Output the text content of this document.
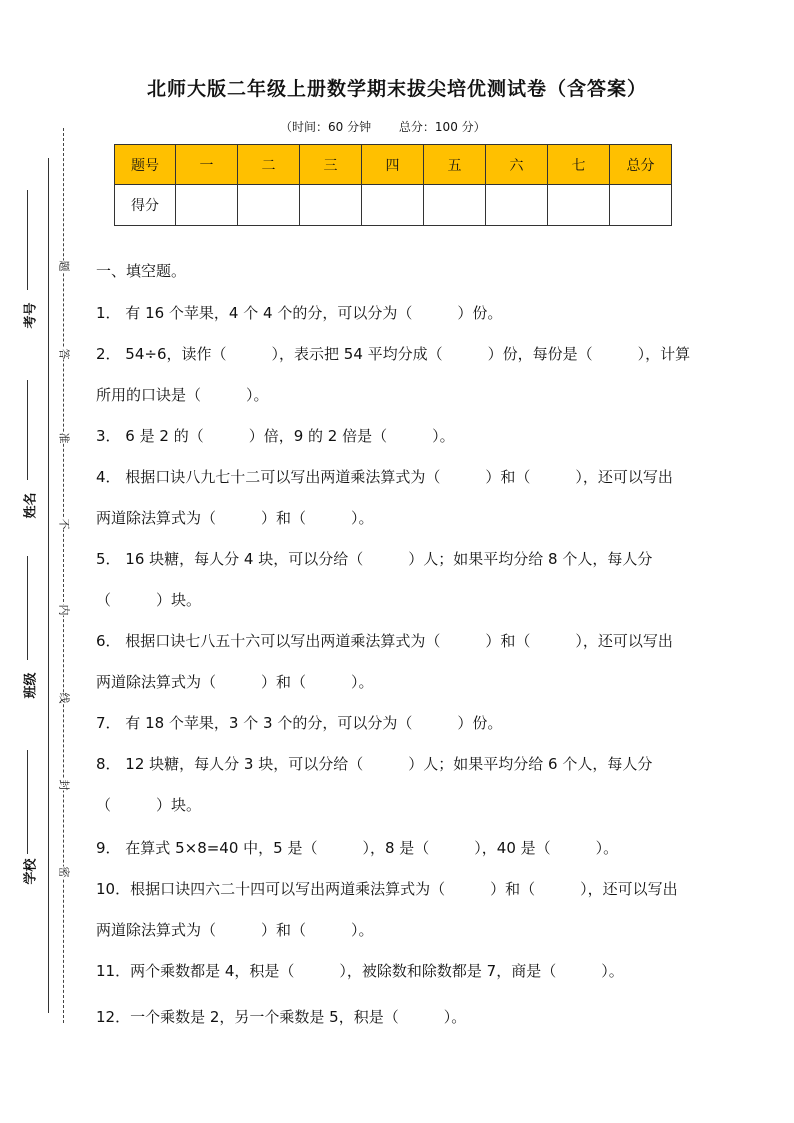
北师大版二年级上册数学期末拔尖培优测试卷（含答案）
（时间：60 分钟 总分：100 分）
题号	一	二	三	四	五	六	七	总分
得分								
一、填空题。
1． 有 16 个苹果，4 个 4 个的分，可以分为（　　　）份。
2． 54÷6，读作（　　　），表示把 54 平均分成（　　　）份，每份是（　　　），计算
所用的口诀是（　　　）。
3． 6 是 2 的（　　　）倍，9 的 2 倍是（　　　）。
4． 根据口诀八九七十二可以写出两道乘法算式为（　　　）和（　　　），还可以写出
两道除法算式为（　　　）和（　　　）。
5． 16 块糖，每人分 4 块，可以分给（　　　）人；如果平均分给 8 个人，每人分
（　　　）块。
6． 根据口诀七八五十六可以写出两道乘法算式为（　　　）和（　　　），还可以写出
两道除法算式为（　　　）和（　　　）。
7． 有 18 个苹果，3 个 3 个的分，可以分为（　　　）份。
8． 12 块糖，每人分 3 块，可以分给（　　　）人；如果平均分给 6 个人，每人分
（　　　）块。
9． 在算式 5×8=40 中，5 是（　　　），8 是（　　　），40 是（　　　）。
10．根据口诀四六二十四可以写出两道乘法算式为（　　　）和（　　　），还可以写出
两道除法算式为（　　　）和（　　　）。
11．两个乘数都是 4，积是（　　　），被除数和除数都是 7，商是（　　　）。
12．一个乘数是 2，另一个乘数是 5，积是（　　　）。
题
答
准
不
内
线
封
密
考号
姓名
班级
学校
